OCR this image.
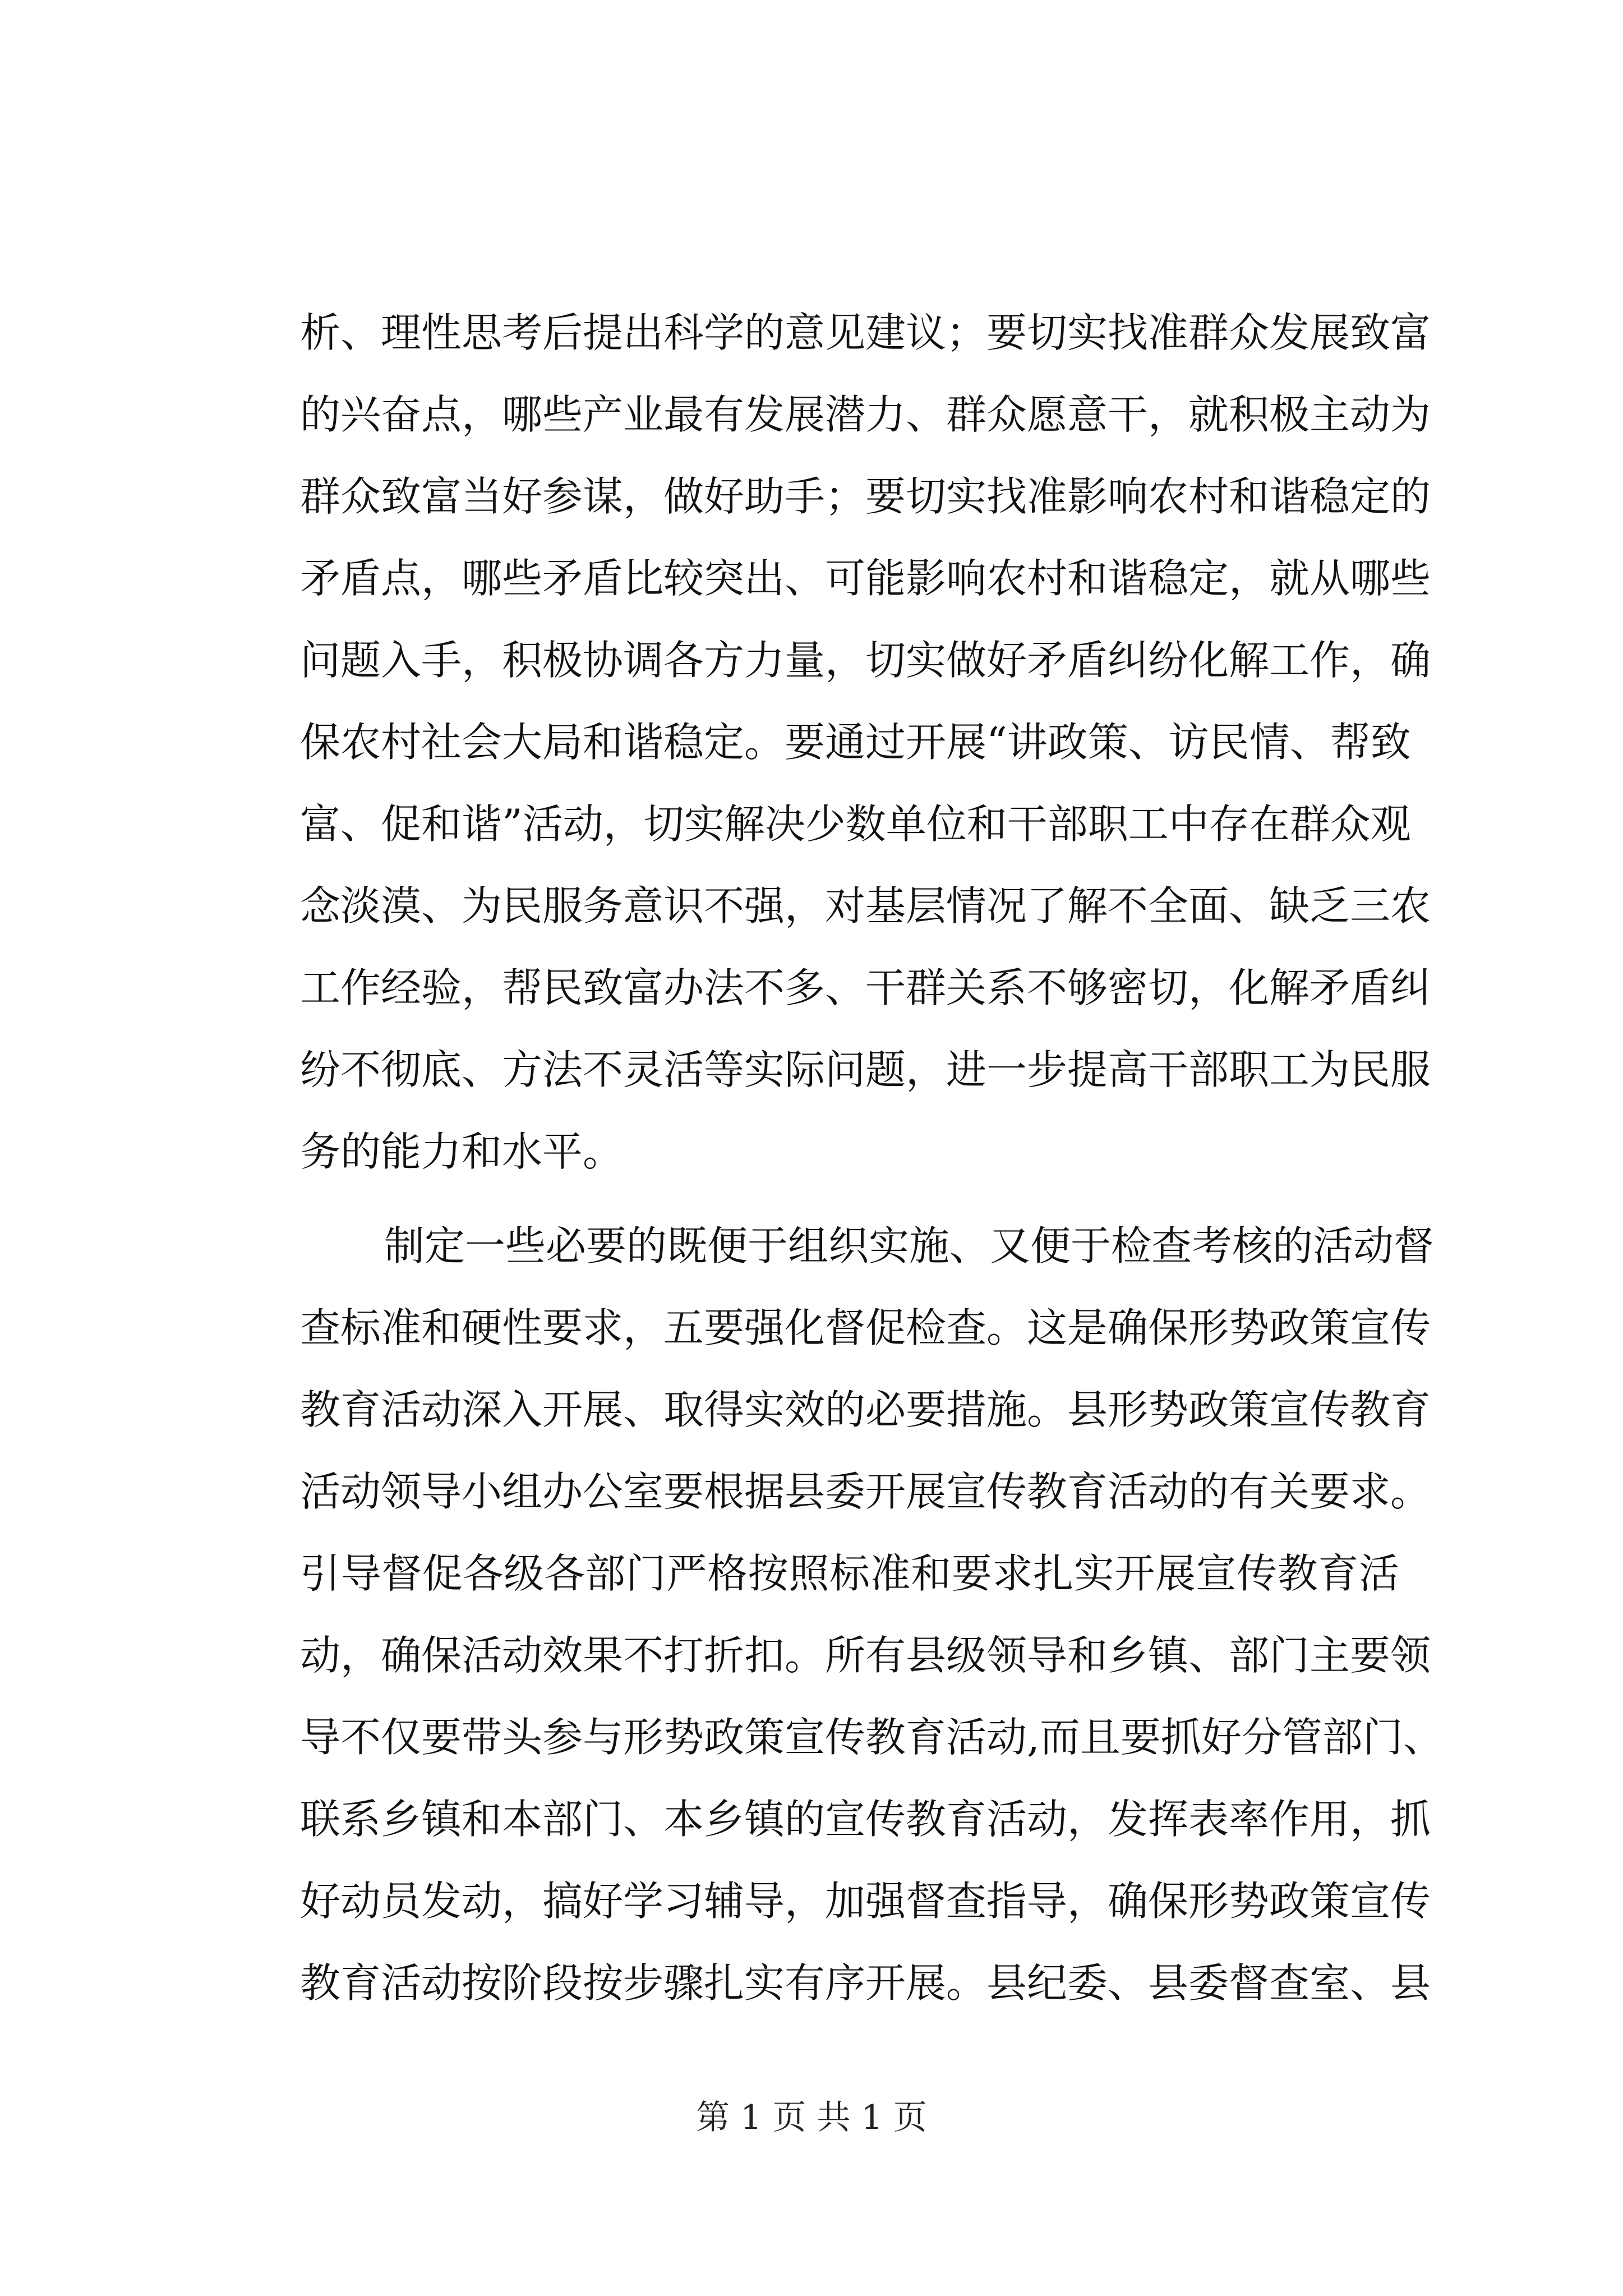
析、理性思考后提出科学的意见建议；要切实找准群众发展致富
的兴奋点，哪些产业最有发展潜力、群众愿意干，就积极主动为
群众致富当好参谋，做好助手；要切实找准影响农村和谐稳定的
矛盾点，哪些矛盾比较突出、可能影响农村和谐稳定，就从哪些
问题入手，积极协调各方力量，切实做好矛盾纠纷化解工作，确
保农村社会大局和谐稳定。要通过开展“讲政策、访民情、帮致
富、促和谐”活动，切实解决少数单位和干部职工中存在群众观
念淡漠、为民服务意识不强，对基层情况了解不全面、缺乏三农
工作经验，帮民致富办法不多、干群关系不够密切，化解矛盾纠
纷不彻底、方法不灵活等实际问题，进一步提高干部职工为民服
务的能力和水平。
制定一些必要的既便于组织实施、又便于检查考核的活动督
查标准和硬性要求，五要强化督促检查。这是确保形势政策宣传
教育活动深入开展、取得实效的必要措施。县形势政策宣传教育
活动领导小组办公室要根据县委开展宣传教育活动的有关要求。
引导督促各级各部门严格按照标准和要求扎实开展宣传教育活
动，确保活动效果不打折扣。所有县级领导和乡镇、部门主要领
导不仅要带头参与形势政策宣传教育活动,而且要抓好分管部门、
联系乡镇和本部门、本乡镇的宣传教育活动，发挥表率作用，抓
好动员发动，搞好学习辅导，加强督查指导，确保形势政策宣传
教育活动按阶段按步骤扎实有序开展。县纪委、县委督查室、县
第 1 页 共 1 页
